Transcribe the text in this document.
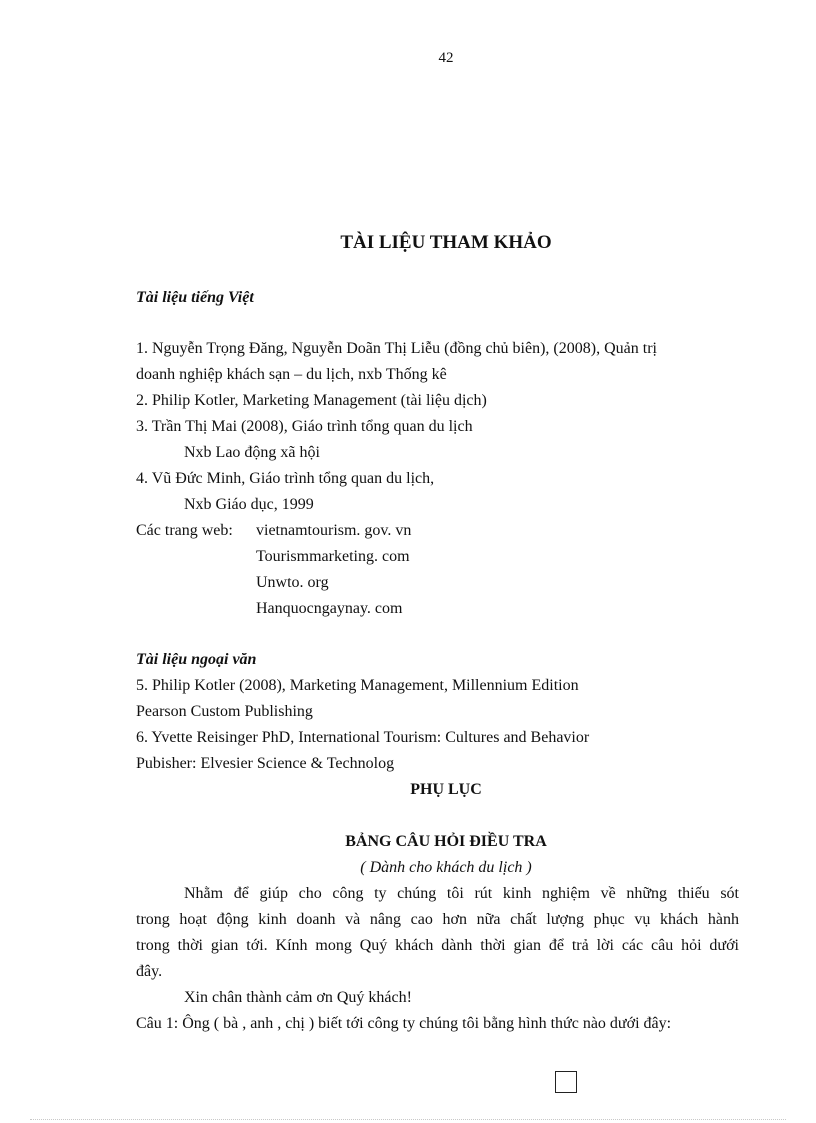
42
TÀI LIỆU THAM KHẢO
Tài liệu tiếng Việt
1. Nguyễn Trọng Đăng, Nguyễn Doãn Thị Liễu (đồng chủ biên), (2008), Quản trị
doanh nghiệp khách sạn – du lịch, nxb Thống kê
2. Philip Kotler, Marketing Management (tài liệu dịch)
3. Trần Thị Mai (2008), Giáo trình tổng quan du lịch
Nxb Lao động xã hội
4. Vũ Đức Minh, Giáo trình tổng quan du lịch,
Nxb Giáo dục, 1999
Các trang web: vietnamtourism. gov. vn
Tourismmarketing. com
Unwto. org
Hanquocngaynay. com
Tài liệu ngoại văn
5. Philip Kotler (2008), Marketing Management, Millennium Edition
Pearson Custom Publishing
6. Yvette Reisinger PhD, International Tourism: Cultures and Behavior
Pubisher: Elvesier Science & Technolog
PHỤ LỤC
BẢNG CÂU HỎI ĐIỀU TRA
( Dành cho khách du lịch )
Nhằm để giúp cho công ty chúng tôi rút kinh nghiệm về những thiếu sót
trong hoạt động kinh doanh và nâng cao hơn nữa chất lượng phục vụ khách hành
trong thời gian tới. Kính mong Quý khách dành thời gian để trả lời các câu hỏi dưới
đây.
Xin chân thành cảm ơn Quý khách!
Câu 1: Ông ( bà , anh , chị ) biết tới công ty chúng tôi bằng hình thức nào dưới đây:
